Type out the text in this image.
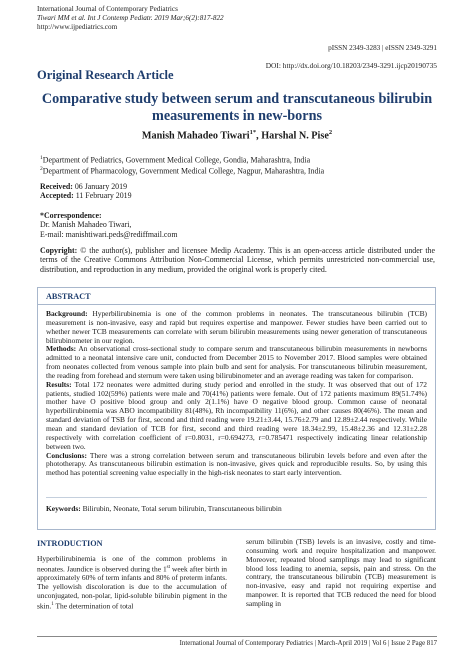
International Journal of Contemporary Pediatrics
Tiwari MM et al. Int J Contemp Pediatr. 2019 Mar;6(2):817-822
http://www.ijpediatrics.com
pISSN 2349-3283 | eISSN 2349-3291
Original Research Article
DOI: http://dx.doi.org/10.18203/2349-3291.ijcp20190735
Comparative study between serum and transcutaneous bilirubin measurements in new-borns
Manish Mahadeo Tiwari$^{1*}$, Harshal N. Pise$^2$
$^1$Department of Pediatrics, Government Medical College, Gondia, Maharashtra, India
$^2$Department of Pharmacology, Government Medical College, Nagpur, Maharashtra, India
Received: 06 January 2019
Accepted: 11 February 2019
*Correspondence:
Dr. Manish Mahadeo Tiwari,
E-mail: manishtiwari.peds@rediffmail.com
Copyright: © the author(s), publisher and licensee Medip Academy. This is an open-access article distributed under the terms of the Creative Commons Attribution Non-Commercial License, which permits unrestricted non-commercial use, distribution, and reproduction in any medium, provided the original work is properly cited.
ABSTRACT

Background: Hyperbilirubinemia is one of the common problems in neonates. The transcutaneous bilirubin (TCB) measurement is non-invasive, easy and rapid but requires expertise and manpower. Fewer studies have been carried out to whether newer TCB measurements can correlate with serum bilirubin measurements using newer generation of transcutaneous bilirubinometer in our region.

Methods: An observational cross-sectional study to compare serum and transcutaneous bilirubin measurements in newborns admitted to a neonatal intensive care unit, conducted from December 2015 to November 2017. Blood samples were obtained from neonates collected from venous sample into plain bulb and sent for analysis. For transcutaneous bilirubin measurement, the reading from forehead and sternum were taken using bilirubinometer and an average reading was taken for comparison.

Results: Total 172 neonates were admitted during study period and enrolled in the study. It was observed that out of 172 patients, studied 102(59%) patients were male and 70(41%) patients were female. Out of 172 patients maximum 89(51.74%) mother have O positive blood group and only 2(1.1%) have O negative blood group. Common cause of neonatal hyperbilirubinemia was ABO incompatibility 81(48%), Rh incompatibility 11(6%), and other causes 80(46%). The mean and standard deviation of TSB for first, second and third reading were 19.21±3.44, 15.76±2.79 and 12.89±2.44 respectively. While mean and standard deviation of TCB for first, second and third reading were 18.34±2.99, 15.48±2.36 and 12.31±2.28 respectively with correlation coefficient of r=0.8031, r=0.694273, r=0.785471 respectively indicating linear relationship between two.

Conclusions: There was a strong correlation between serum and transcutaneous bilirubin levels before and even after the phototherapy. As transcutaneous bilirubin estimation is non-invasive, gives quick and reproducible results. So, by using this method has potential screening value especially in the high-risk neonates to start early intervention.

Keywords: Bilirubin, Neonate, Total serum bilirubin, Transcutaneous bilirubin
INTRODUCTION
Hyperbilirubinemia is one of the common problems in neonates. Jaundice is observed during the 1st week after birth in approximately 60% of term infants and 80% of preterm infants. The yellowish discoloration is due to the accumulation of unconjugated, non-polar, lipid-soluble bilirubin pigment in the skin.$^1$ The determination of total
serum bilirubin (TSB) levels is an invasive, costly and time-consuming work and require hospitalization and manpower. Moreover, repeated blood samplings may lead to significant blood loss leading to anemia, sepsis, pain and stress. On the contrary, the transcutaneous bilirubin (TCB) measurement is non-invasive, easy and rapid not requiring expertise and manpower. It is reported that TCB reduced the need for blood sampling in
International Journal of Contemporary Pediatrics | March-April 2019 | Vol 6 | Issue 2 Page 817
